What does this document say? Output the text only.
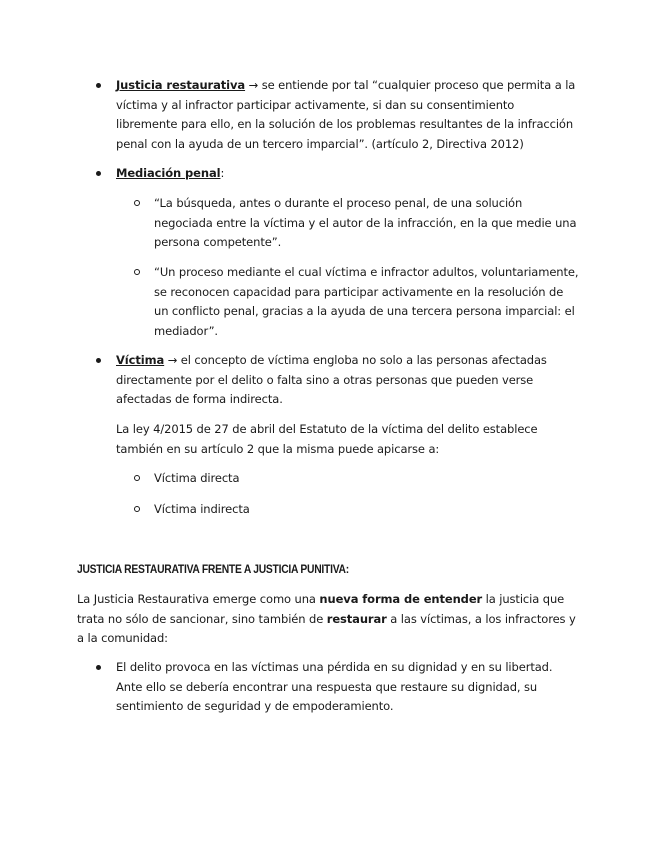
Justicia restaurativa → se entiende por tal “cualquier proceso que permita a la víctima y al infractor participar activamente, si dan su consentimiento libremente para ello, en la solución de los problemas resultantes de la infracción penal con la ayuda de un tercero imparcial”. (artículo 2, Directiva 2012)
Mediación penal:
“La búsqueda, antes o durante el proceso penal, de una solución negociada entre la víctima y el autor de la infracción, en la que medie una persona competente”.
“Un proceso mediante el cual víctima e infractor adultos, voluntariamente, se reconocen capacidad para participar activamente en la resolución de un conflicto penal, gracias a la ayuda de una tercera persona imparcial: el mediador”.
Víctima → el concepto de víctima engloba no solo a las personas afectadas directamente por el delito o falta sino a otras personas que pueden verse afectadas de forma indirecta.
La ley 4/2015 de 27 de abril del Estatuto de la víctima del delito establece también en su artículo 2 que la misma puede apicarse a:
Víctima directa
Víctima indirecta
JUSTICIA RESTAURATIVA FRENTE A JUSTICIA PUNITIVA:
La Justicia Restaurativa emerge como una nueva forma de entender la justicia que trata no sólo de sancionar, sino también de restaurar a las víctimas, a los infractores y a la comunidad:
El delito provoca en las víctimas una pérdida en su dignidad y en su libertad. Ante ello se debería encontrar una respuesta que restaure su dignidad, su sentimiento de seguridad y de empoderamiento.
